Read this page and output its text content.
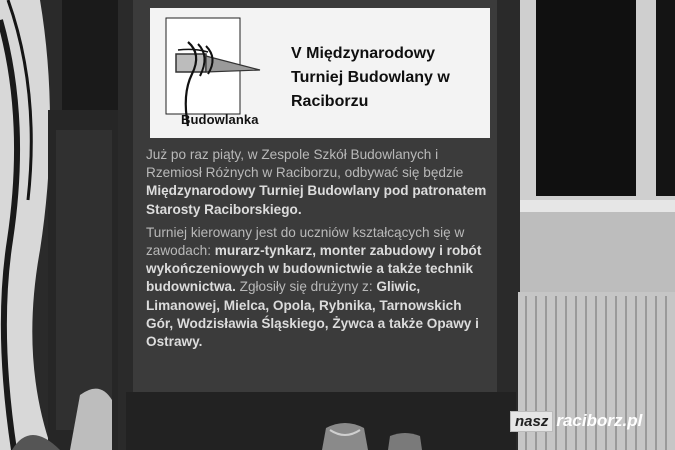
Budowlanka
V Międzynarodowy
Turniej Budowlany w
Raciborzu

Już po raz piąty, w Zespole Szkół Budowlanych i Rzemiosł Różnych w Raciborzu, odbywać się będzie Międzynarodowy Turniej Budowlany pod patronatem Starosty Raciborskiego.

Turniej kierowany jest do uczniów kształcących się w zawodach: murarz-tynkarz, monter zabudowy i robót wykończeniowych w budownictwie a także technik budownictwa. Zgłosiły się drużyny z: Gliwic, Limanowej, Mielca, Opola, Rybnika, Tarnowskich Gór, Wodzisławia Śląskiego, Żywca a także Opawy i Ostrawy.

nasz raciborz.pl
